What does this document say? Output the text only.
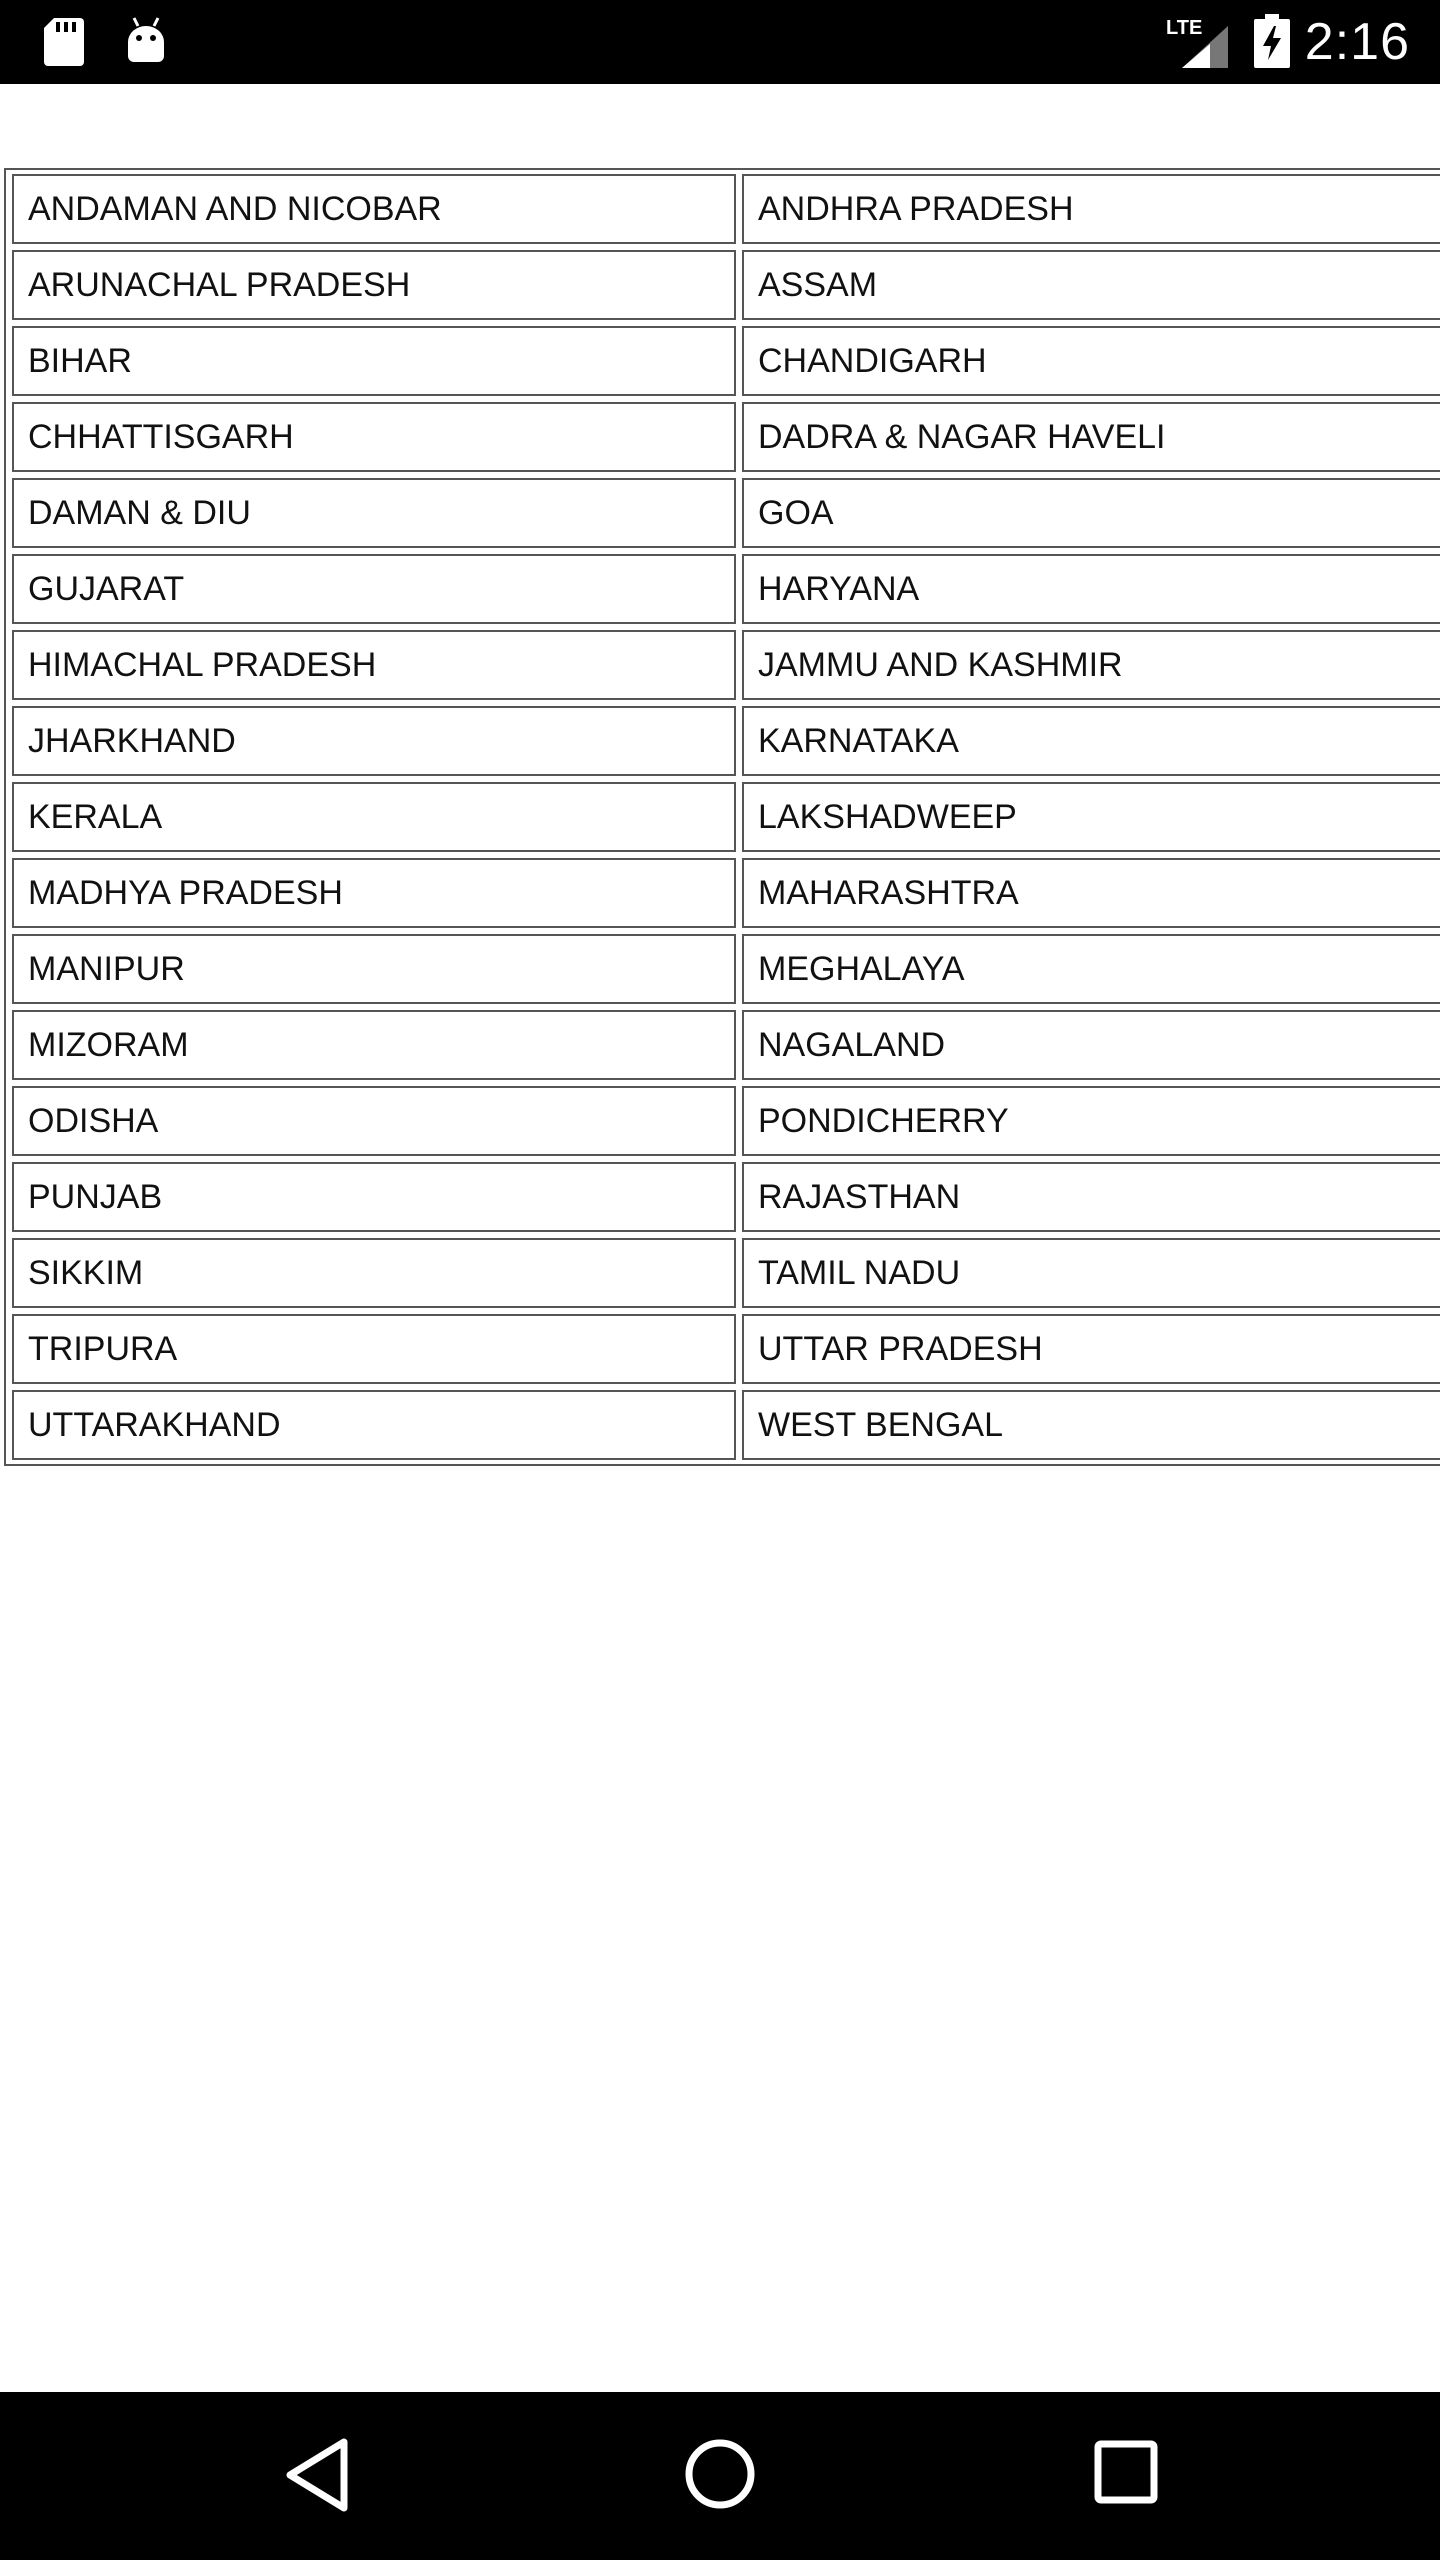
LTE 2:16
ANDAMAN AND NICOBAR	ANDHRA PRADESH
ARUNACHAL PRADESH	ASSAM
BIHAR	CHANDIGARH
CHHATTISGARH	DADRA & NAGAR HAVELI
DAMAN & DIU	GOA
GUJARAT	HARYANA
HIMACHAL PRADESH	JAMMU AND KASHMIR
JHARKHAND	KARNATAKA
KERALA	LAKSHADWEEP
MADHYA PRADESH	MAHARASHTRA
MANIPUR	MEGHALAYA
MIZORAM	NAGALAND
ODISHA	PONDICHERRY
PUNJAB	RAJASTHAN
SIKKIM	TAMIL NADU
TRIPURA	UTTAR PRADESH
UTTARAKHAND	WEST BENGAL
